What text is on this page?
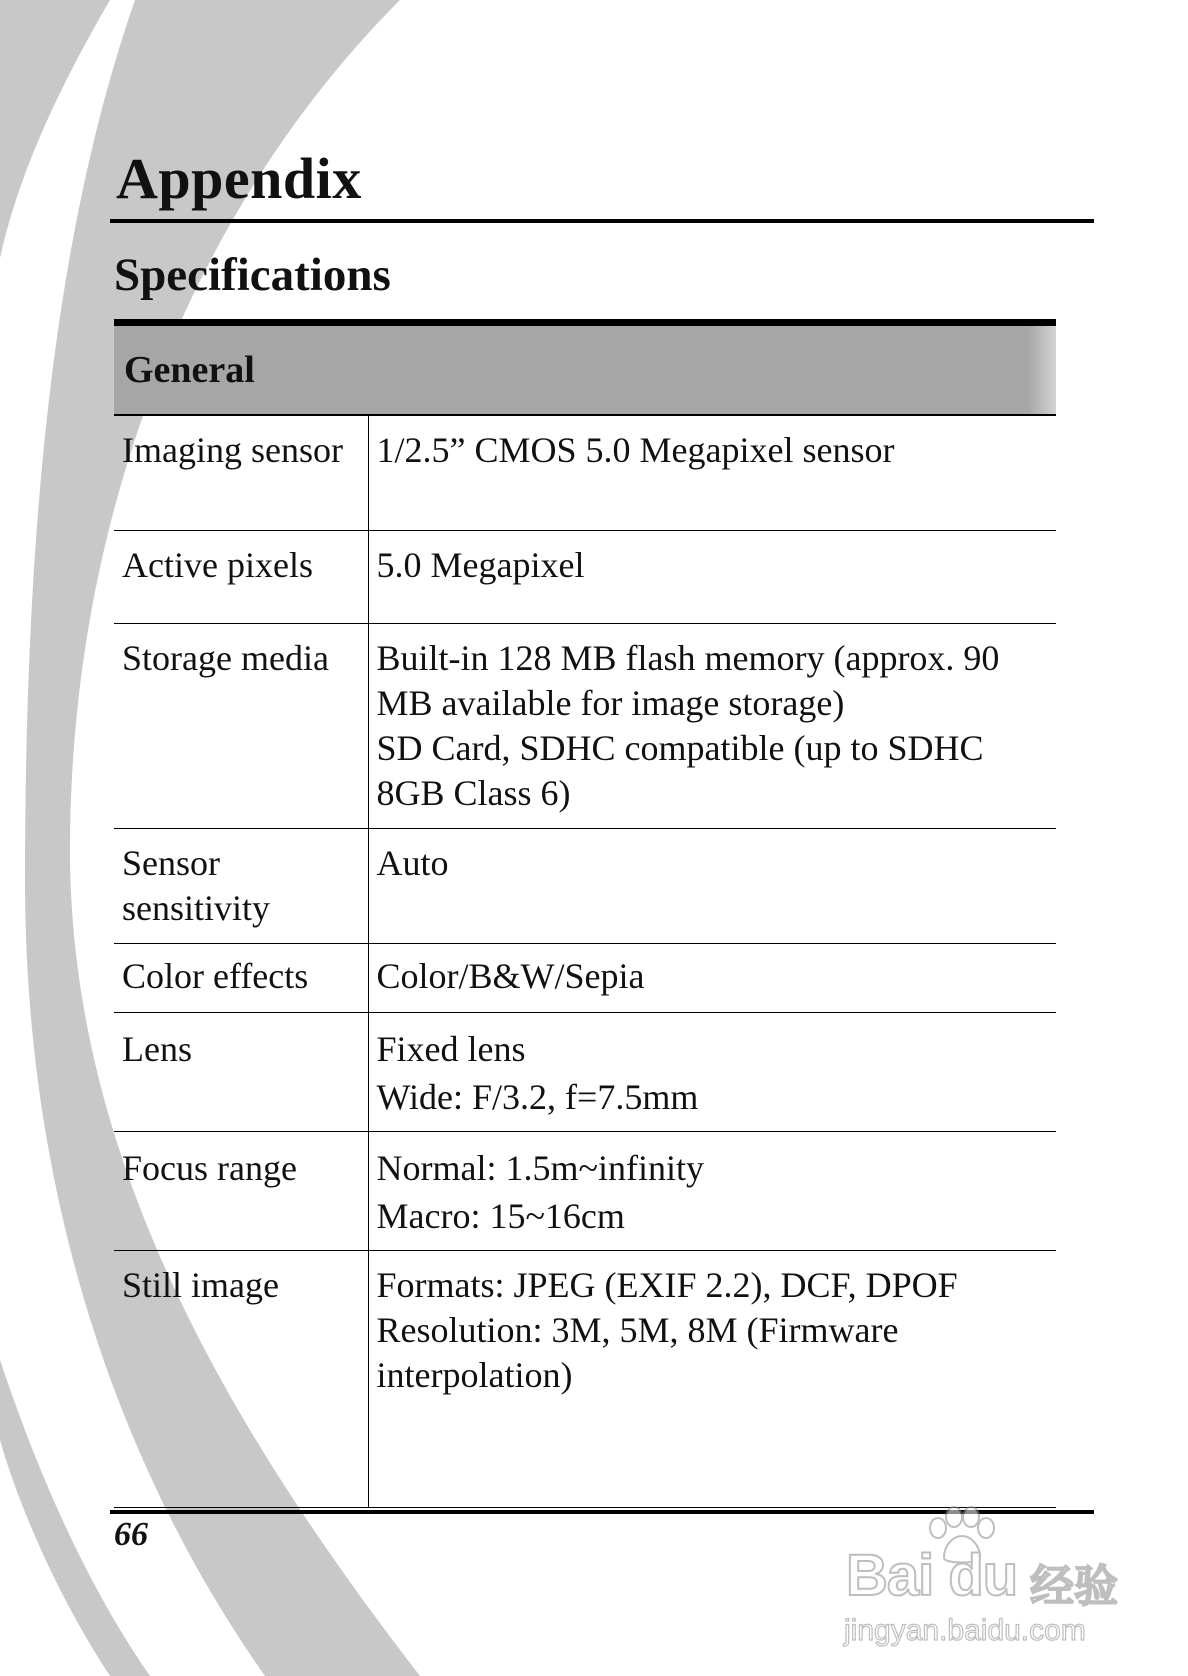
Appendix
Specifications
General	
Imaging sensor	1/2.5” CMOS 5.0 Megapixel sensor

Active pixels	5.0 Megapixel

Storage media	Built-in 128 MB flash memory (approx. 90 MB available for image storage)
SD Card, SDHC compatible (up to SDHC 8GB Class 6)

Sensor sensitivity	Auto

Color effects	Color/B&W/Sepia

Lens	Fixed lens
Wide: F/3.2, f=7.5mm

Focus range	Normal: 1.5m~infinity
Macro: 15~16cm

Still image	Formats: JPEG (EXIF 2.2), DCF, DPOF
Resolution: 3M, 5M, 8M (Firmware interpolation)
66
Bai du 经验
jingyan.baidu.com
